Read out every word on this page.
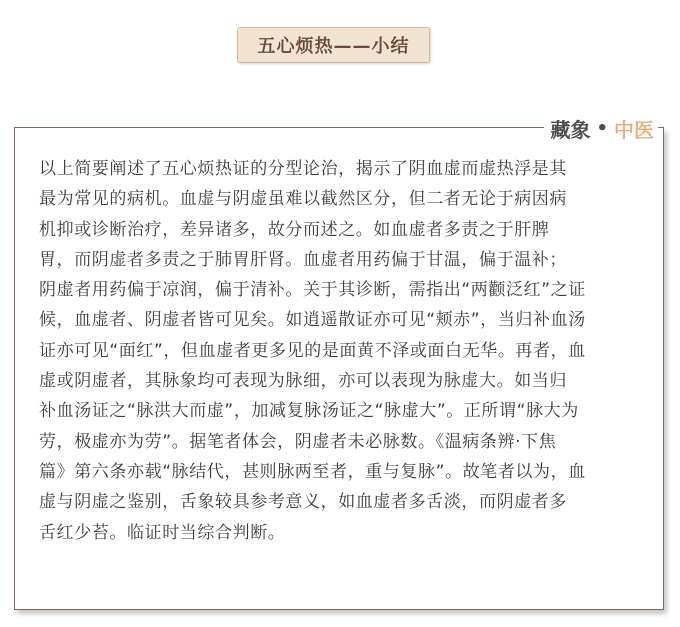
五心烦热——小结
藏象 • 中医
以上简要阐述了五心烦热证的分型论治，揭示了阴血虚而虚热浮是其
最为常见的病机。血虚与阴虚虽难以截然区分，但二者无论于病因病
机抑或诊断治疗，差异诸多，故分而述之。如血虚者多责之于肝脾
胃，而阴虚者多责之于肺胃肝肾。血虚者用药偏于甘温，偏于温补；
阴虚者用药偏于凉润，偏于清补。关于其诊断，需指出“两颧泛红”之证
候，血虚者、阴虚者皆可见矣。如逍遥散证亦可见“颊赤”，当归补血汤
证亦可见“面红”，但血虚者更多见的是面黄不泽或面白无华。再者，血
虚或阴虚者，其脉象均可表现为脉细，亦可以表现为脉虚大。如当归
补血汤证之“脉洪大而虚”，加减复脉汤证之“脉虚大”。正所谓“脉大为
劳，极虚亦为劳”。据笔者体会，阴虚者未必脉数。《温病条辨·下焦
篇》第六条亦载“脉结代，甚则脉两至者，重与复脉”。故笔者以为，血
虚与阴虚之鉴别，舌象较具参考意义，如血虚者多舌淡，而阴虚者多
舌红少苔。临证时当综合判断。
